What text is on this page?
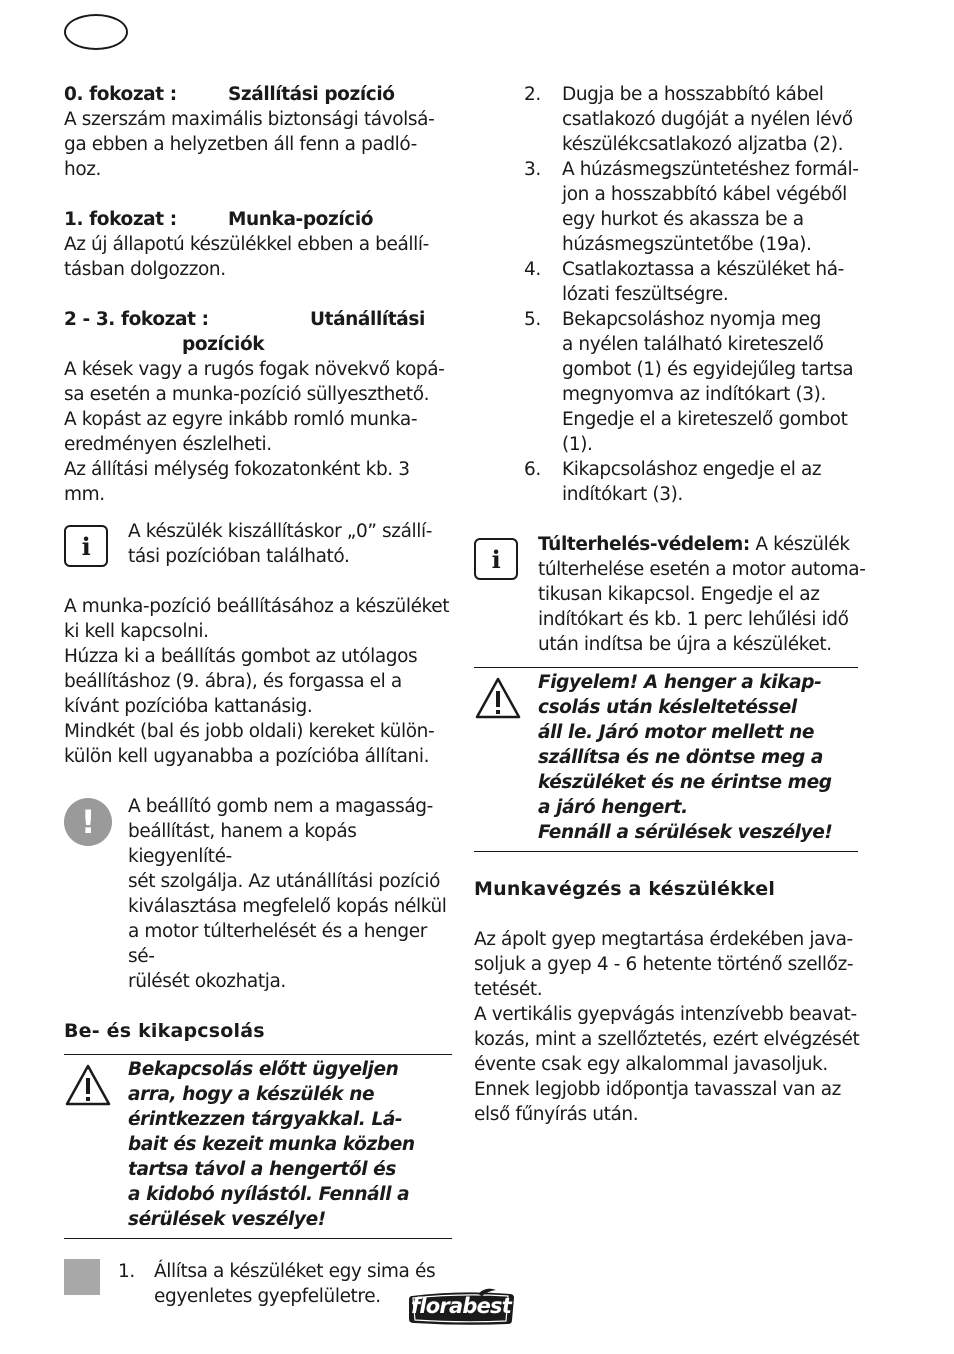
0. fokozat :	Szállítási pozíció

A szerszám maximális biztonsági távolsá-

ga ebben a helyzetben áll fenn a padló-

hoz.

1. fokozat :	Munka-pozíció

Az új állapotú készülékkel ebben a beállí-

tásban dolgozzon.

2 - 3. fokozat :	Utánállítási
pozíciók

A kések vagy a rugós fogak növekvő kopá-

sa esetén a munka-pozíció süllyeszthető.

A kopást az egyre inkább romló munka-

eredményen észlelheti.

Az állítási mélység fokozatonként kb. 3 mm.

i	A készülék kiszállításkor „0” szállí-

tási pozícióban található.

A munka-pozíció beállításához a készüléket

ki kell kapcsolni.

Húzza ki a beállítás gombot az utólagos

beállításhoz (9. ábra), és forgassa el a

kívánt pozícióba kattanásig.

Mindkét (bal és jobb oldali) kereket külön-

külön kell ugyanabba a pozícióba állítani.

!	A beállító gomb nem a magasság-

beállítást, hanem a kopás kiegyenlíté-

sét szolgálja. Az utánállítási pozíció

kiválasztása megfelelő kopás nélkül

a motor túlterhelését és a henger sé-

rülését okozhatja.

Be- és kikapcsolás

Bekapcsolás előtt ügyeljen

arra, hogy a készülék ne

érintkezzen tárgyakkal. Lá-

bait és kezeit munka közben

tartsa távol a hengertől és

a kidobó nyílástól. Fennáll a

sérülések veszélye!

1.	Állítsa a készüléket egy sima és

egyenletes gyepfelületre.

2.	Dugja be a hosszabbító kábel

csatlakozó dugóját a nyélen lévő

készülékcsatlakozó aljzatba (2).

3.	A húzásmegszüntetéshez formál-

jon a hosszabbító kábel végéből

egy hurkot és akassza be a

húzásmegszüntetőbe (19a).

4.	Csatlakoztassa a készüléket há-

lózati feszültségre.

5.	Bekapcsoláshoz nyomja meg

a nyélen található kireteszelő

gombot (1) és egyidejűleg tartsa

megnyomva az indítókart (3).

Engedje el a kireteszelő gombot

(1).

6.	Kikapcsoláshoz engedje el az

indítókart (3).

i	Túlterhelés-védelem: A készülék

túlterhelése esetén a motor automa-

tikusan kikapcsol. Engedje el az

indítókart és kb. 1 perc lehűlési idő

után indítsa be újra a készüléket.

Figyelem! A henger a kikap-

csolás után késleltetéssel

áll le. Járó motor mellett ne

szállítsa és ne döntse meg a

készüléket és ne érintse meg

a járó hengert.

Fennáll a sérülések veszélye!

Munkavégzés a készülékkel

Az ápolt gyep megtartása érdekében java-

soljuk a gyep 4 - 6 hetente történő szellőz-

tetését.

A vertikális gyepvágás intenzívebb beavat-

kozás, mint a szellőztetés, ezért elvégzését

évente csak egy alkalommal javasoljuk.

Ennek legjobb időpontja tavasszal van az

első fűnyírás után.

florabest
